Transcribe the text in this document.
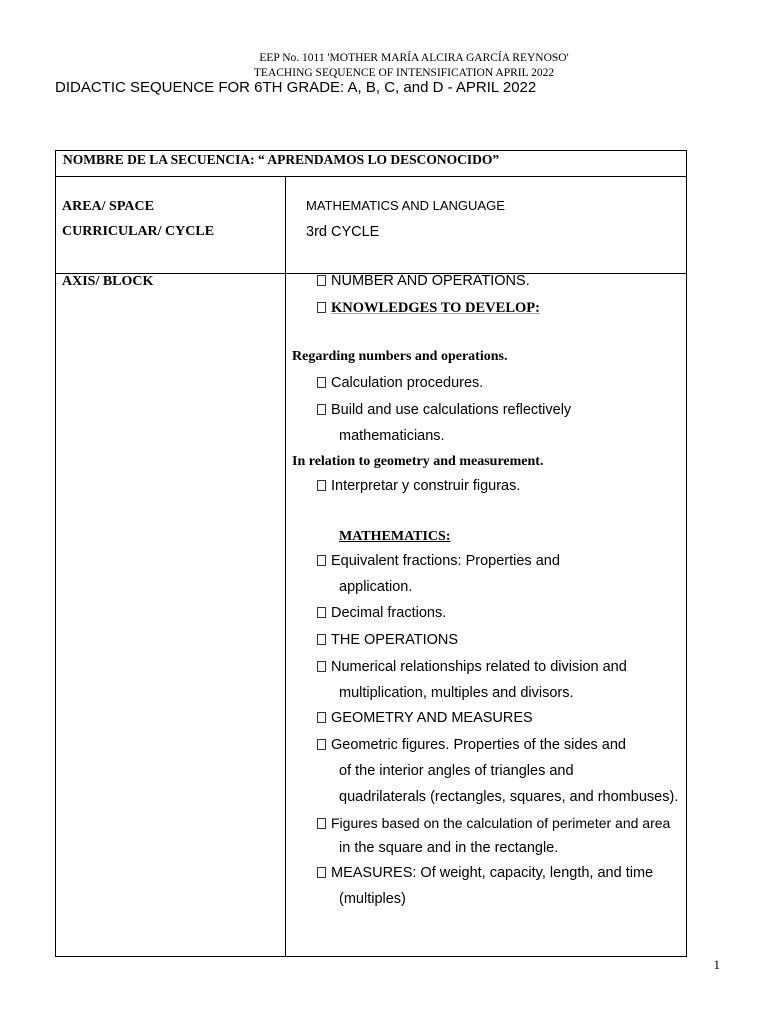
EEP No. 1011 'MOTHER MARÍA ALCIRA GARCÍA REYNOSO'
TEACHING SEQUENCE OF INTENSIFICATION APRIL 2022
DIDACTIC SEQUENCE FOR 6TH GRADE: A, B, C, and D - APRIL 2022
NOMBRE DE LA SECUENCIA: “ APRENDAMOS LO DESCONOCIDO”
AREA/ SPACE
CURRICULAR/ CYCLE
MATHEMATICS AND LANGUAGE
3rd CYCLE
AXIS/ BLOCK	NUMBER AND OPERATIONS.
KNOWLEDGES TO DEVELOP:
Regarding numbers and operations.
Calculation procedures.
Build and use calculations reflectively
mathematicians.
In relation to geometry and measurement.
Interpretar y construir figuras.
MATHEMATICS:
Equivalent fractions: Properties and
application.
Decimal fractions.
THE OPERATIONS
Numerical relationships related to division and
multiplication, multiples and divisors.
GEOMETRY AND MEASURES
Geometric figures. Properties of the sides and
of the interior angles of triangles and
quadrilaterals (rectangles, squares, and rhombuses).
Figures based on the calculation of perimeter and area
in the square and in the rectangle.
MEASURES: Of weight, capacity, length, and time
(multiples)
1
